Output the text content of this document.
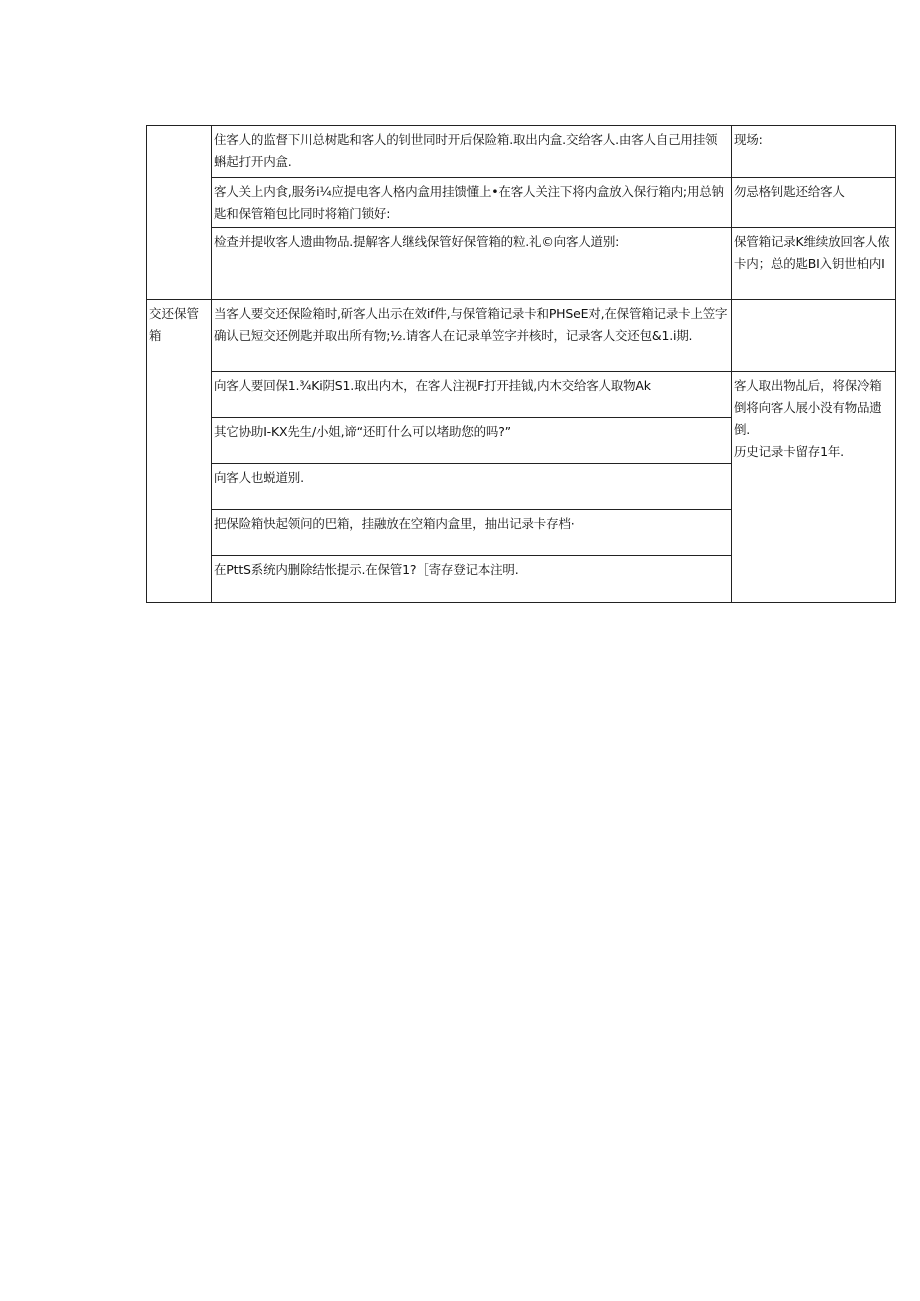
	住客人的监督下川总树匙和客人的钊世同时开后保险箱.取出内盒.交给客人.由客人自己用挂领蝌起打开内盒.	现场:
	客人关上内食,服务i¼应提电客人格内盒用挂馈懂上•在客人关注下将内盒放入保行箱内;用总钠匙和保管箱包比同时将箱门锁好:	勿忌格钊匙还给客人
	检查并提收客人遗曲物品.提解客人继线保管好保管箱的粒.礼©向客人道别:	保管箱记录K维续放回客人侬卡内；总的匙BI入钥世柏内I
交还保管箱	当客人要交还保险箱时,斫客人出示在效if件,与保管箱记录卡和PHSeE对,在保管箱记录卡上笠字确认已短交还例匙并取出所有物;½.请客人在记录单笠字并核时，记录客人交还包&1.i期.	
	向客人要回保1.¾Ki阴S1.取出内木，在客人注视F打开挂钺,内木交给客人取物Ak	客人取出物乩后，将保冷箱倒将向客人展小没有物品遗倒.
历史记录卡留存1年.

	其它协助I-KX先生/小姐,谛“还盯什么可以堵助您的吗?”	
	向客人也蜕道别.	
	把保险箱快起领问的巴箱，挂融放在空箱内盒里，抽出记录卡存档·	
	在PttS系统内删除结怅提示.在保管1?［寄存登记本注明.	
